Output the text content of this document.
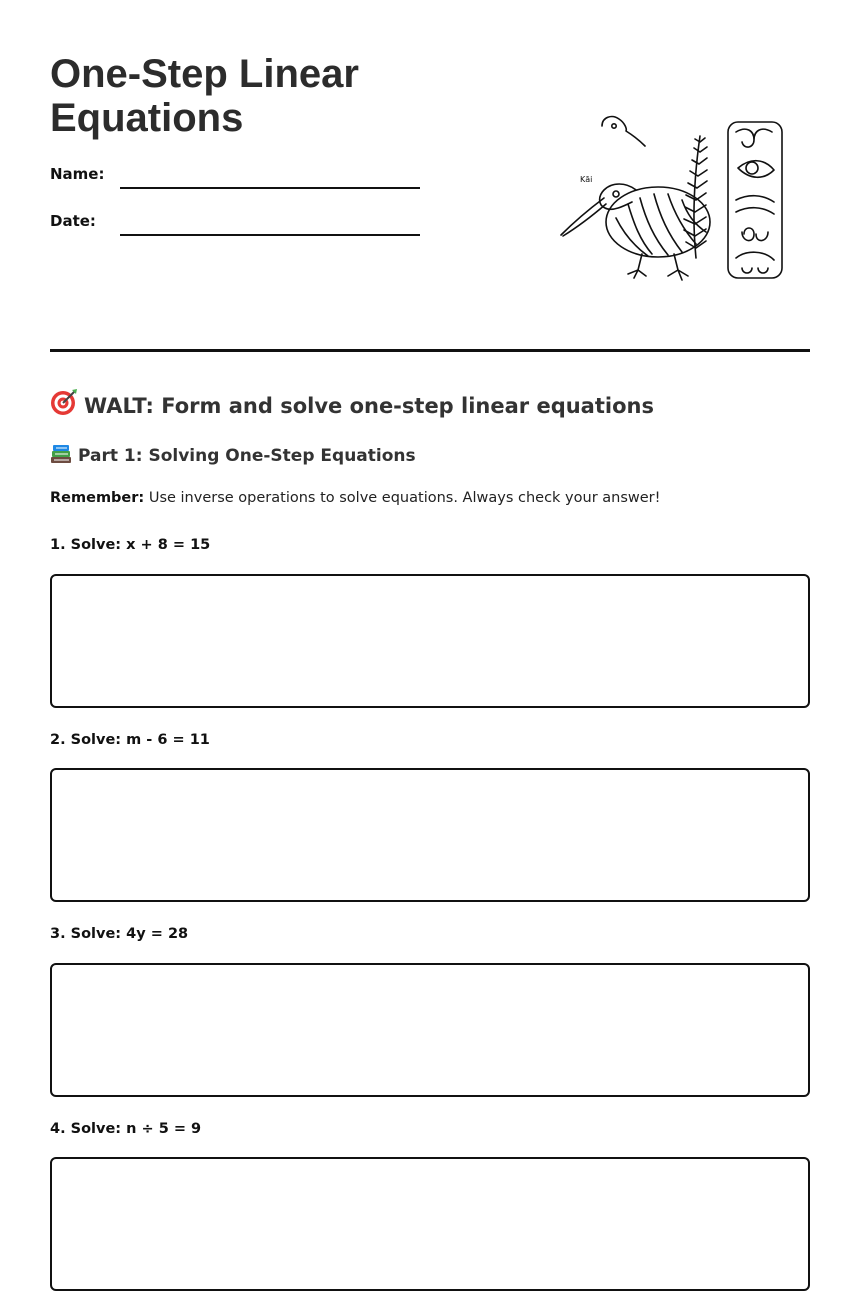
One-Step Linear Equations
Name:
Date:
Kāi
WALT: Form and solve one-step linear equations
Part 1: Solving One-Step Equations
Remember: Use inverse operations to solve equations. Always check your answer!
1. Solve: x + 8 = 15
2. Solve: m - 6 = 11
3. Solve: 4y = 28
4. Solve: n ÷ 5 = 9
